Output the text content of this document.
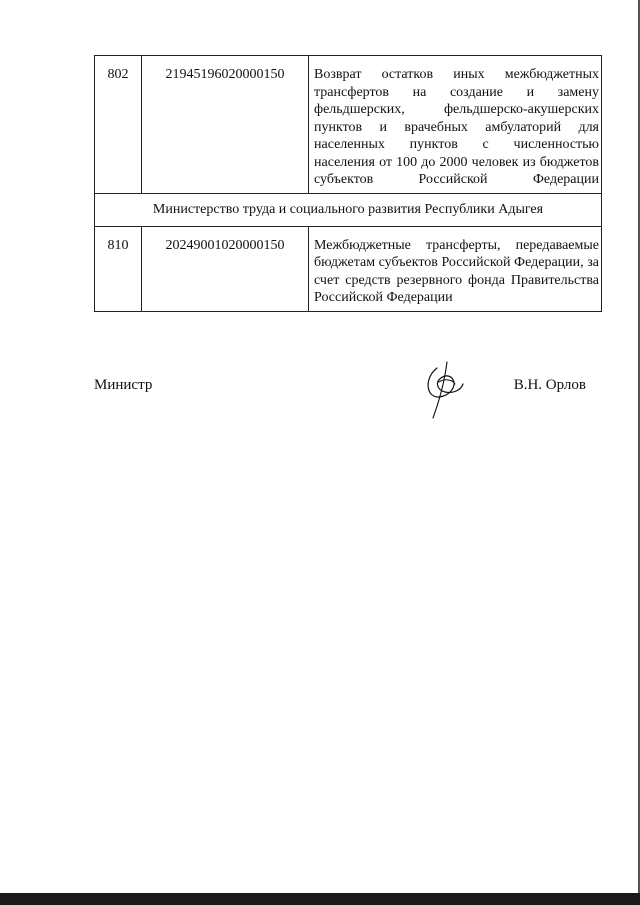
802	21945196020000150	Возврат остатков иных межбюджетных трансфертов на создание и замену фельдшерских, фельдшерско-акушерских пунктов и врачебных амбулаторий для населенных пунктов с численностью населения от 100 до 2000 человек из бюджетов субъектов Российской Федерации
Министерство труда и социального развития Республики Адыгея		
810	20249001020000150	Межбюджетные трансферты, передаваемые бюджетам субъектов Российской Федерации, за счет средств резервного фонда Правительства Российской Федерации
Министр	В.Н. Орлов
